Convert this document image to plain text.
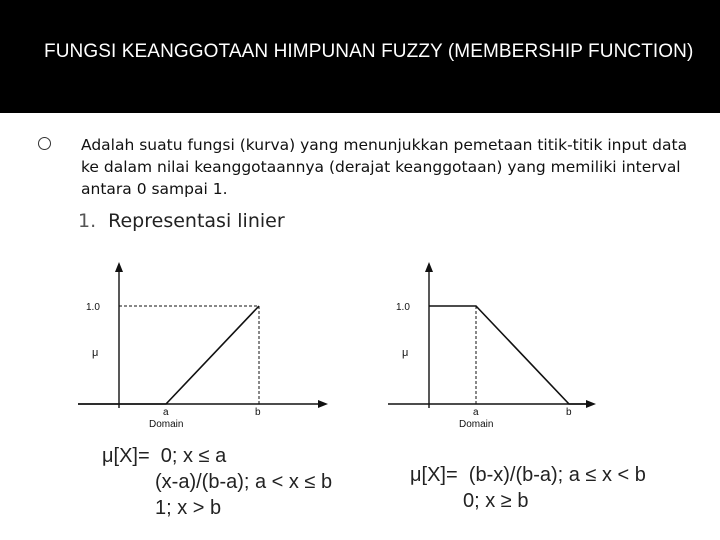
FUNGSI KEANGGOTAAN HIMPUNAN FUZZY (MEMBERSHIP FUNCTION)
Adalah suatu fungsi (kurva) yang menunjukkan pemetaan titik-titik input data ke dalam nilai keanggotaannya (derajat keanggotaan) yang memiliki interval antara 0 sampai 1.
1. Representasi linier
1.0
μ
a	b
Domain
1.0
μ
a	b
Domain
μ[X]= 0; x ≤ a
(x-a)/(b-a); a < x ≤ b
1; x > b
μ[X]= (b-x)/(b-a); a ≤ x < b
0; x ≥ b
